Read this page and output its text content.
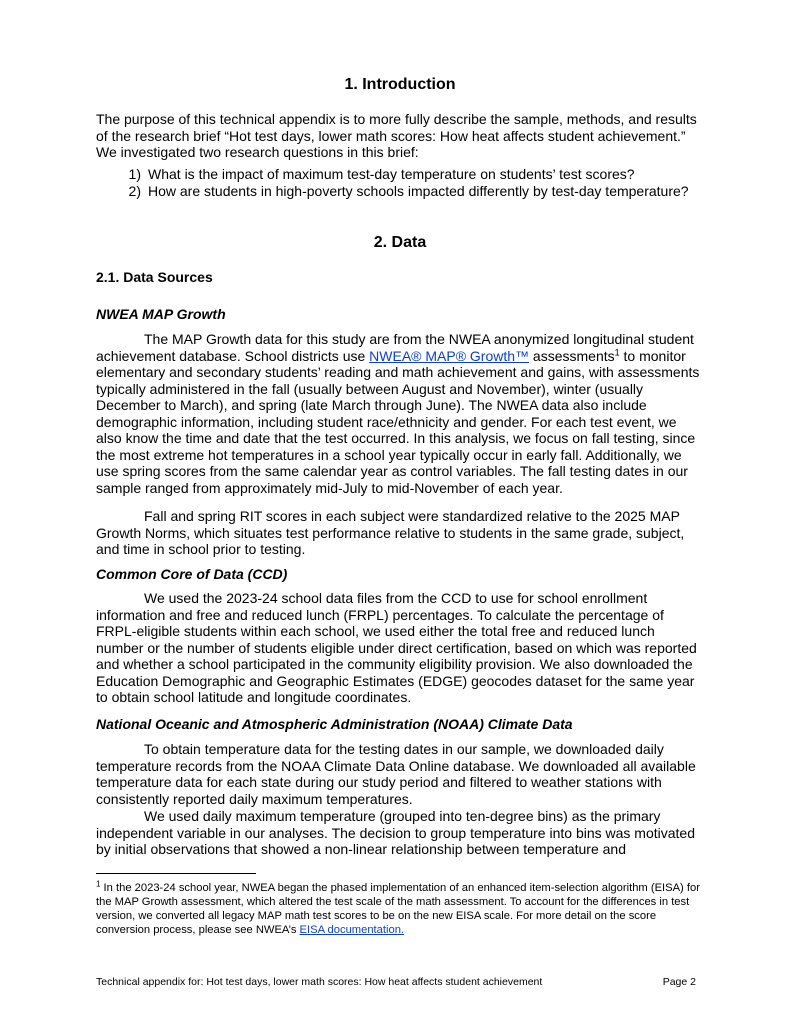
1. Introduction

The purpose of this technical appendix is to more fully describe the sample, methods, and results of the research brief “Hot test days, lower math scores: How heat affects student achievement.” We investigated two research questions in this brief:

1) What is the impact of maximum test-day temperature on students’ test scores?
2) How are students in high-poverty schools impacted differently by test-day temperature?
2. Data
2.1. Data Sources
NWEA MAP Growth

The MAP Growth data for this study are from the NWEA anonymized longitudinal student achievement database. School districts use NWEA® MAP® Growth™ assessments$^1$ to monitor elementary and secondary students’ reading and math achievement and gains, with assessments typically administered in the fall (usually between August and November), winter (usually December to March), and spring (late March through June). The NWEA data also include demographic information, including student race/ethnicity and gender. For each test event, we also know the time and date that the test occurred. In this analysis, we focus on fall testing, since the most extreme hot temperatures in a school year typically occur in early fall. Additionally, we use spring scores from the same calendar year as control variables. The fall testing dates in our sample ranged from approximately mid-July to mid-November of each year.

Fall and spring RIT scores in each subject were standardized relative to the 2025 MAP Growth Norms, which situates test performance relative to students in the same grade, subject, and time in school prior to testing.

Common Core of Data (CCD)

We used the 2023-24 school data files from the CCD to use for school enrollment information and free and reduced lunch (FRPL) percentages. To calculate the percentage of FRPL-eligible students within each school, we used either the total free and reduced lunch number or the number of students eligible under direct certification, based on which was reported and whether a school participated in the community eligibility provision. We also downloaded the Education Demographic and Geographic Estimates (EDGE) geocodes dataset for the same year to obtain school latitude and longitude coordinates.

National Oceanic and Atmospheric Administration (NOAA) Climate Data

To obtain temperature data for the testing dates in our sample, we downloaded daily temperature records from the NOAA Climate Data Online database. We downloaded all available temperature data for each state during our study period and filtered to weather stations with consistently reported daily maximum temperatures.

We used daily maximum temperature (grouped into ten-degree bins) as the primary independent variable in our analyses. The decision to group temperature into bins was motivated by initial observations that showed a non-linear relationship between temperature and

$^1$ In the 2023-24 school year, NWEA began the phased implementation of an enhanced item-selection algorithm (EISA) for the MAP Growth assessment, which altered the test scale of the math assessment. To account for the differences in test version, we converted all legacy MAP math test scores to be on the new EISA scale. For more detail on the score conversion process, please see NWEA’s EISA documentation.

Technical appendix for: Hot test days, lower math scores: How heat affects student achievement	Page 2
